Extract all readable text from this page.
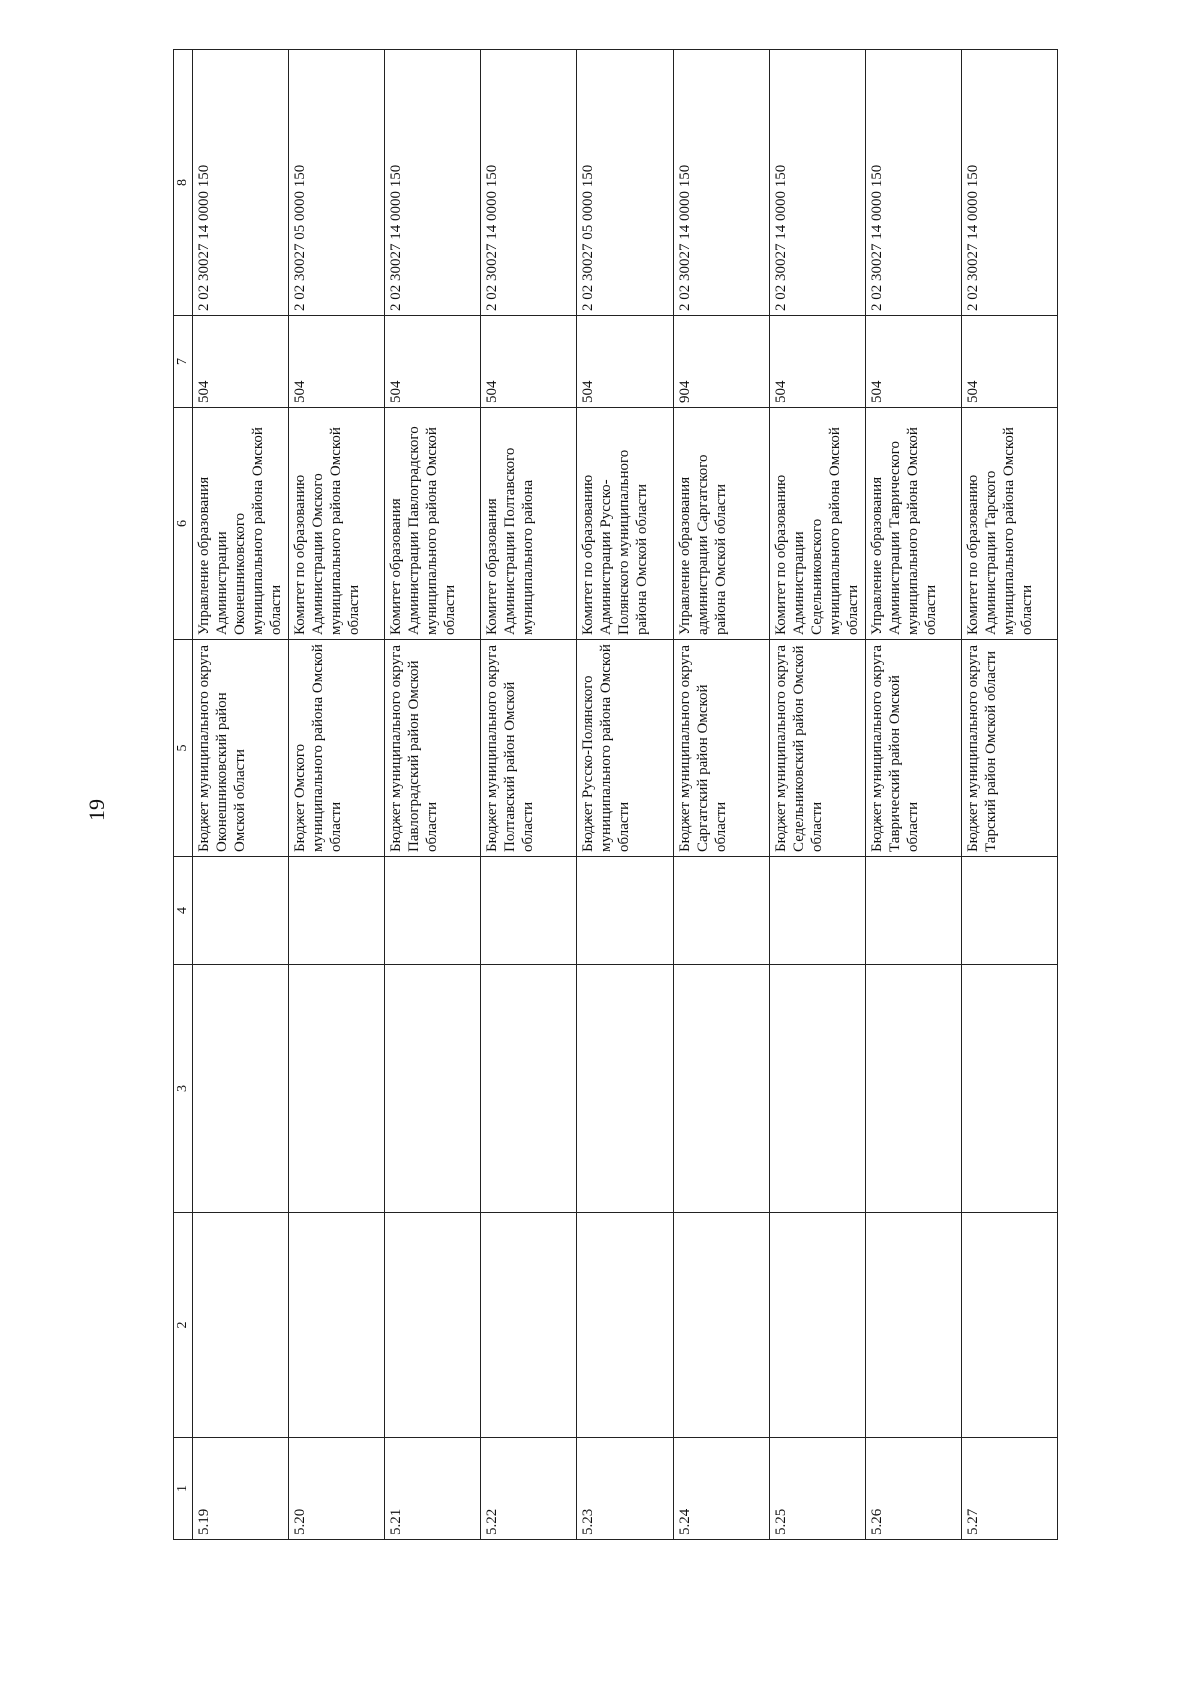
19
1	2	3	4	5	6	7	8
5.19				Бюджет муниципального округа Оконешниковский район Омской области	Управление образования Администрации Оконешниковского муниципального района Омской области	504	2 02 30027 14 0000 150
5.20				Бюджет Омского муниципального района Омской области	Комитет по образованию Администрации Омского муниципального района Омской области	504	2 02 30027 05 0000 150
5.21				Бюджет муниципального округа Павлоградский район Омской области	Комитет образования Администрации Павлоградского муниципального района Омской области	504	2 02 30027 14 0000 150
5.22				Бюджет муниципального округа Полтавский район Омской области	Комитет образования Администрации Полтавского муниципального района	504	2 02 30027 14 0000 150
5.23				Бюджет Русско-Полянского муниципального района Омской области	Комитет по образованию Администрации Русско-Полянского муниципального района Омской области	504	2 02 30027 05 0000 150
5.24				Бюджет муниципального округа Саргатский район Омской области	Управление образования администрации Саргатского района Омской области	904	2 02 30027 14 0000 150
5.25				Бюджет муниципального округа Седельниковский район Омской области	Комитет по образованию Администрации Седельниковского муниципального района Омской области	504	2 02 30027 14 0000 150
5.26				Бюджет муниципального округа Таврический район Омской области	Управление образования Администрации Таврического муниципального района Омской области	504	2 02 30027 14 0000 150
5.27				Бюджет муниципального округа Тарский район Омской области	Комитет по образованию Администрации Тарского муниципального района Омской области	504	2 02 30027 14 0000 150
